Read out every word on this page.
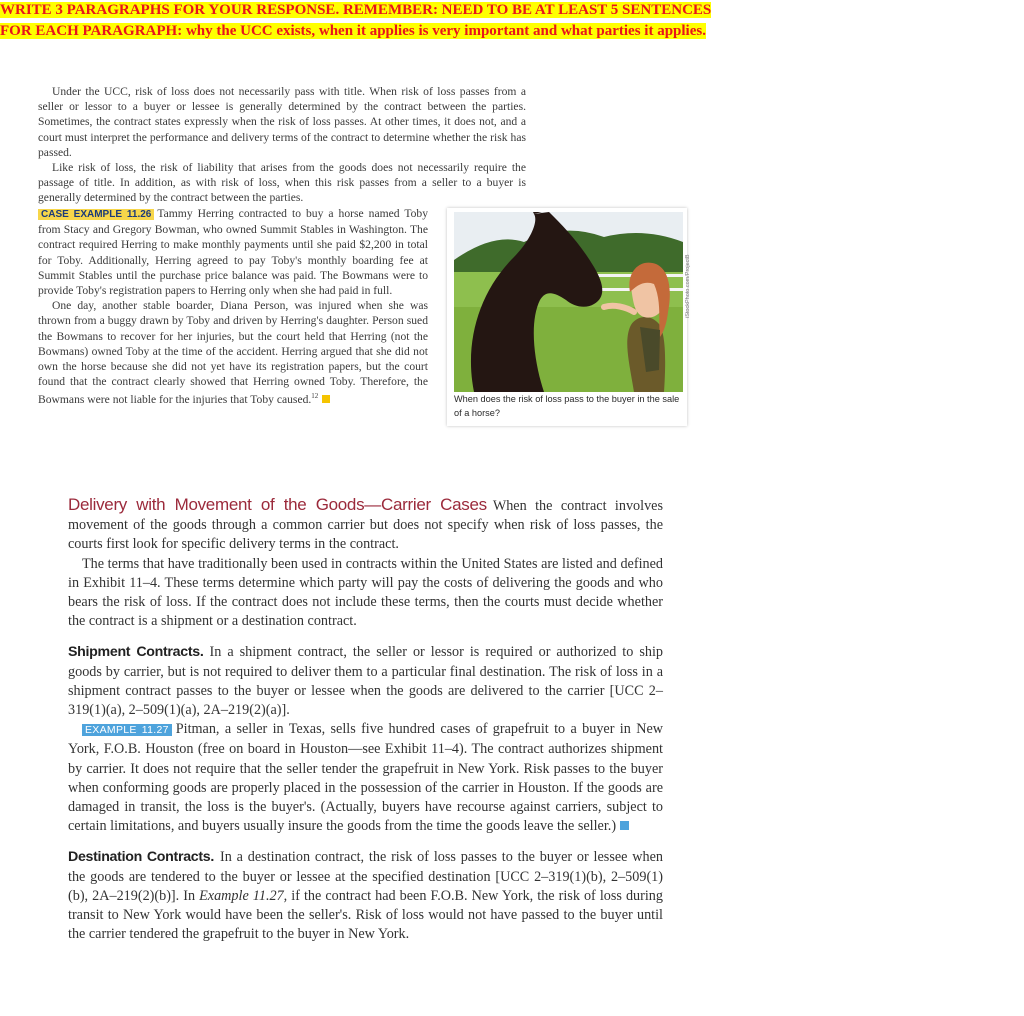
WRITE 3 PARAGRAPHS FOR YOUR RESPONSE. REMEMBER: NEED TO BE AT LEAST 5 SENTENCES FOR EACH PARAGRAPH: why the UCC exists, when it applies is very important and what parties it applies.

Under the UCC, risk of loss does not necessarily pass with title. When risk of loss passes from a seller or lessor to a buyer or lessee is generally determined by the contract between the parties. Sometimes, the contract states expressly when the risk of loss passes. At other times, it does not, and a court must interpret the performance and delivery terms of the contract to determine whether the risk has passed.

Like risk of loss, the risk of liability that arises from the goods does not necessarily require the passage of title. In addition, as with risk of loss, when this risk passes from a seller to a buyer is generally determined by the contract between the parties.

CASE EXAMPLE 11.26 Tammy Herring contracted to buy a horse named Toby from Stacy and Gregory Bowman, who owned Summit Stables in Washington. The contract required Herring to make monthly payments until she paid $2,200 in total for Toby. Additionally, Herring agreed to pay Toby's monthly boarding fee at Summit Stables until the purchase price balance was paid. The Bowmans were to provide Toby's registration papers to Herring only when she had paid in full.

One day, another stable boarder, Diana Person, was injured when she was thrown from a buggy drawn by Toby and driven by Herring's daughter. Person sued the Bowmans to recover for her injuries, but the court held that Herring (not the Bowmans) owned Toby at the time of the accident. Herring argued that she did not own the horse because she did not yet have its registration papers, but the court found that the contract clearly showed that Herring owned Toby. Therefore, the Bowmans were not liable for the injuries that Toby caused.$^{12}$

iStockPhoto.com/ProjectB

When does the risk of loss pass to the buyer in the sale of a horse?

Delivery with Movement of the Goods—Carrier Cases When the contract involves movement of the goods through a common carrier but does not specify when risk of loss passes, the courts first look for specific delivery terms in the contract.

The terms that have traditionally been used in contracts within the United States are listed and defined in Exhibit 11–4. These terms determine which party will pay the costs of delivering the goods and who bears the risk of loss. If the contract does not include these terms, then the courts must decide whether the contract is a shipment or a destination contract.

Shipment Contracts. In a shipment contract, the seller or lessor is required or authorized to ship goods by carrier, but is not required to deliver them to a particular final destination. The risk of loss in a shipment contract passes to the buyer or lessee when the goods are delivered to the carrier [UCC 2–319(1)(a), 2–509(1)(a), 2A–219(2)(a)].

EXAMPLE 11.27 Pitman, a seller in Texas, sells five hundred cases of grapefruit to a buyer in New York, F.O.B. Houston (free on board in Houston—see Exhibit 11–4). The contract authorizes shipment by carrier. It does not require that the seller tender the grapefruit in New York. Risk passes to the buyer when conforming goods are properly placed in the possession of the carrier in Houston. If the goods are damaged in transit, the loss is the buyer's. (Actually, buyers have recourse against carriers, subject to certain limitations, and buyers usually insure the goods from the time the goods leave the seller.)

Destination Contracts. In a destination contract, the risk of loss passes to the buyer or lessee when the goods are tendered to the buyer or lessee at the specified destination [UCC 2–319(1)(b), 2–509(1)(b), 2A–219(2)(b)]. In Example 11.27, if the contract had been F.O.B. New York, the risk of loss during transit to New York would have been the seller's. Risk of loss would not have passed to the buyer until the carrier tendered the grapefruit to the buyer in New York.
